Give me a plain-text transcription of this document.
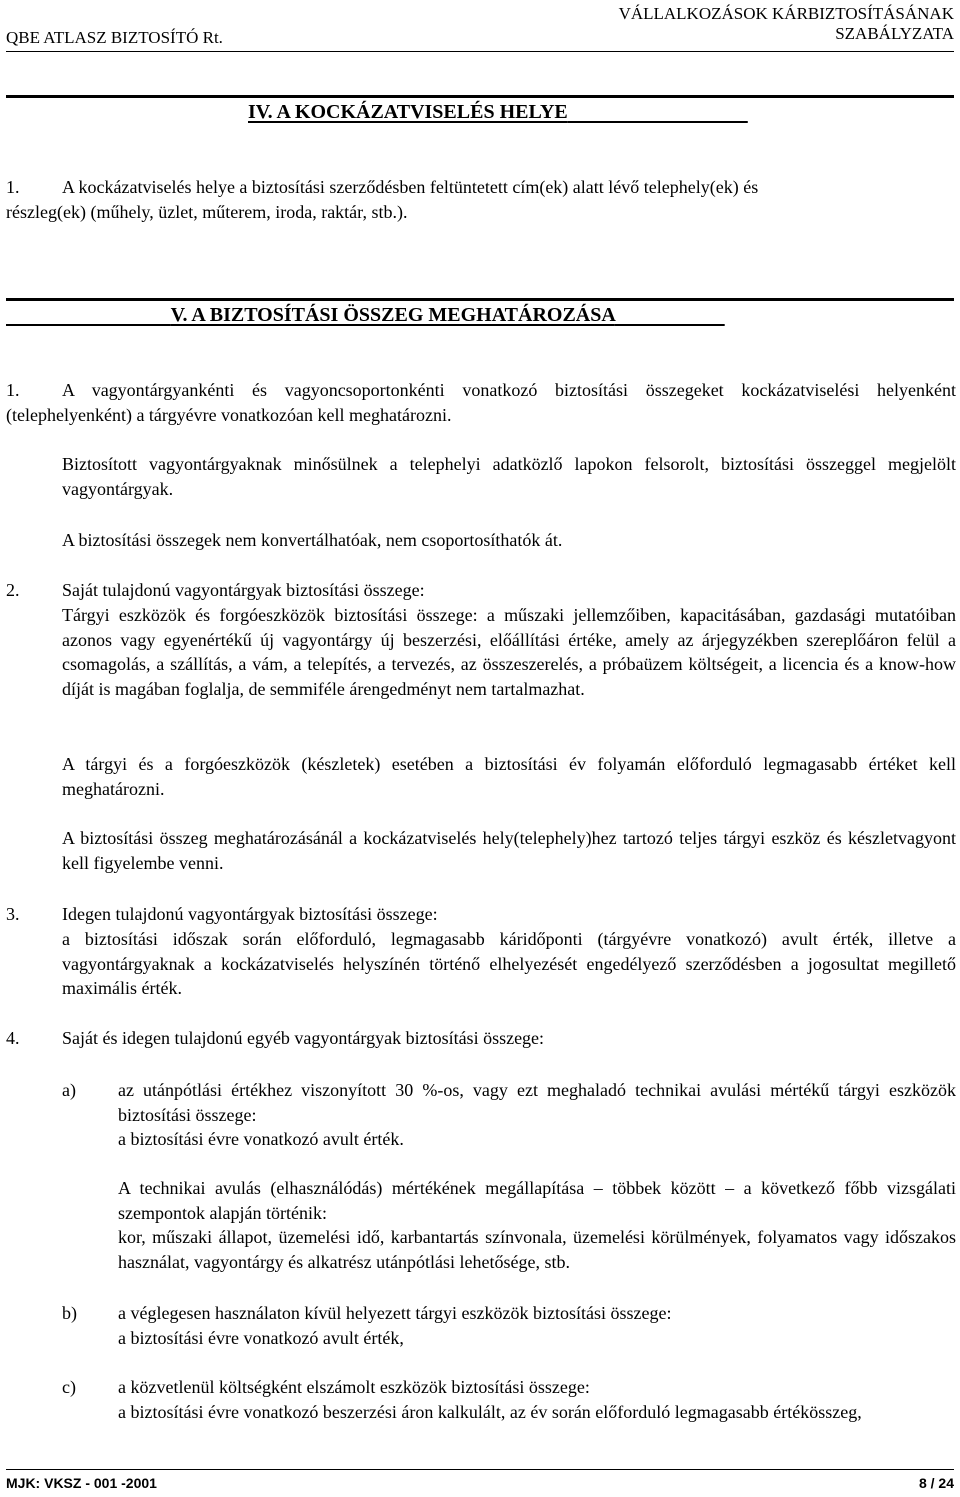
QBE ATLASZ BIZTOSÍTÓ Rt.
VÁLLALKOZÁSOK KÁRBIZTOSÍTÁSÁNAK
SZABÁLYZATA
IV. A KOCKÁZATVISELÉS HELYE
1. A kockázatviselés helye a biztosítási szerződésben feltüntetett cím(ek) alatt lévő telephely(ek) és
részleg(ek) (műhely, üzlet, műterem, iroda, raktár, stb.).
V. A BIZTOSÍTÁSI ÖSSZEG MEGHATÁROZÁSA
1.	A vagyontárgyankénti és vagyoncsoportonkénti vonatkozó biztosítási összegeket kockázatviselési helyenként (telephelyenként) a tárgyévre vonatkozóan kell meghatározni.

Biztosított vagyontárgyaknak minősülnek a telephelyi adatközlő lapokon felsorolt, biztosítási összeggel megjelölt vagyontárgyak.

A biztosítási összegek nem konvertálhatóak, nem csoportosíthatók át.

2. Saját tulajdonú vagyontárgyak biztosítási összege:

Tárgyi eszközök és forgóeszközök biztosítási összege: a műszaki jellemzőiben, kapacitásában, gazdasági mutatóiban azonos vagy egyenértékű új vagyontárgy új beszerzési, előállítási értéke, amely az árjegyzékben szereplőáron felül a csomagolás, a szállítás, a vám, a telepítés, a tervezés, az összeszerelés, a próbaüzem költségeit, a licencia és a know-how díját is magában foglalja, de semmiféle árengedményt nem tartalmazhat.

A tárgyi és a forgóeszközök (készletek) esetében a biztosítási év folyamán előforduló legmagasabb értéket kell meghatározni.

A biztosítási összeg meghatározásánál a kockázatviselés hely(telephely)hez tartozó teljes tárgyi eszköz és készletvagyont kell figyelembe venni.

3. Idegen tulajdonú vagyontárgyak biztosítási összege:

a biztosítási időszak során előforduló, legmagasabb káridőponti (tárgyévre vonatkozó) avult érték, illetve a vagyontárgyaknak a kockázatviselés helyszínén történő elhelyezését engedélyező szerződésben a jogosultat megillető maximális érték.

4. Saját és idegen tulajdonú egyéb vagyontárgyak biztosítási összege:

a) az utánpótlási értékhez viszonyított 30 %-os, vagy ezt meghaladó technikai avulási mértékű tárgyi eszközök biztosítási összege:

a biztosítási évre vonatkozó avult érték.

A technikai avulás (elhasználódás) mértékének megállapítása – többek között – a következő főbb vizsgálati szempontok alapján történik:

kor, műszaki állapot, üzemelési idő, karbantartás színvonala, üzemelési körülmények, folyamatos vagy időszakos használat, vagyontárgy és alkatrész utánpótlási lehetősége, stb.

b) a véglegesen használaton kívül helyezett tárgyi eszközök biztosítási összege:

a biztosítási évre vonatkozó avult érték,

c) a közvetlenül költségként elszámolt eszközök biztosítási összege:

a biztosítási évre vonatkozó beszerzési áron kalkulált, az év során előforduló legmagasabb értékösszeg,

MJK: VKSZ - 001 -2001	8 / 24
